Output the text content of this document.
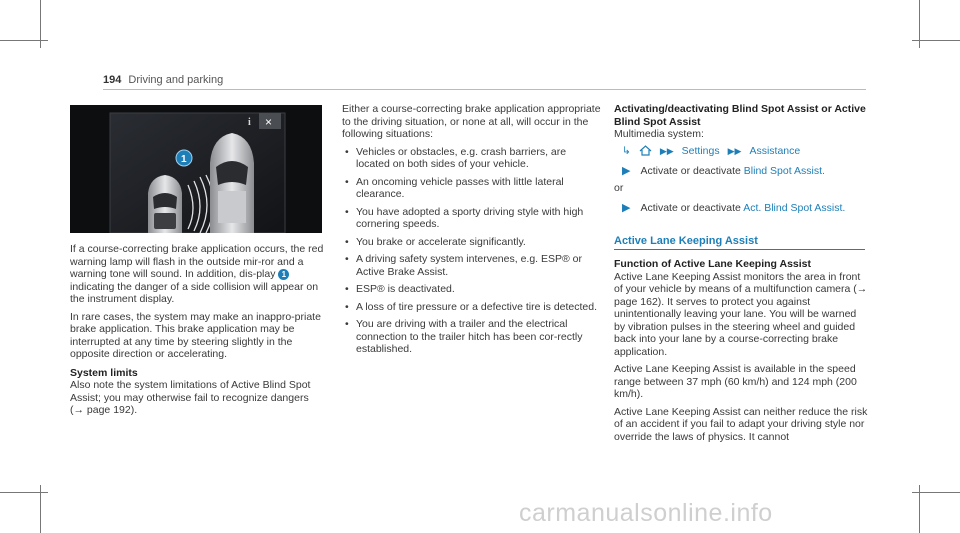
194 Driving and parking
i ×
1

If a course-correcting brake application occurs, the red warning lamp will flash in the outside mir-ror and a warning tone will sound. In addition, dis-play 1 indicating the danger of a side collision will appear on the instrument display.

In rare cases, the system may make an inappro-priate brake application. This brake application may be interrupted at any time by steering slightly in the opposite direction or accelerating.

System limits

Also note the system limitations of Active Blind Spot Assist; you may otherwise fail to recognize dangers (→ page 192).

Either a course-correcting brake application appropriate to the driving situation, or none at all, will occur in the following situations:

• Vehicles or obstacles, e.g. crash barriers, are located on both sides of your vehicle.
• An oncoming vehicle passes with little lateral clearance.
• You have adopted a sporty driving style with high cornering speeds.
• You brake or accelerate significantly.
• A driving safety system intervenes, e.g. ESP® or Active Brake Assist.
• ESP® is deactivated.
• A loss of tire pressure or a defective tire is detected.
• You are driving with a trailer and the electrical connection to the trailer hitch has been cor-rectly established.
Activating/deactivating Blind Spot Assist or Active Blind Spot Assist
Multimedia system:
↳	▶▶ Settings ▶▶ Assistance
▶ Activate or deactivate Blind Spot Assist.
or
▶ Activate or deactivate Act. Blind Spot Assist.
Active Lane Keeping Assist
Function of Active Lane Keeping Assist

Active Lane Keeping Assist monitors the area in front of your vehicle by means of a multifunction camera (→ page 162). It serves to protect you against unintentionally leaving your lane. You will be warned by vibration pulses in the steering wheel and guided back into your lane by a course-correcting brake application.

Active Lane Keeping Assist is available in the speed range between 37 mph (60 km/h) and 124 mph (200 km/h).

Active Lane Keeping Assist can neither reduce the risk of an accident if you fail to adapt your driving style nor override the laws of physics. It cannot

carmanualsonline.info
